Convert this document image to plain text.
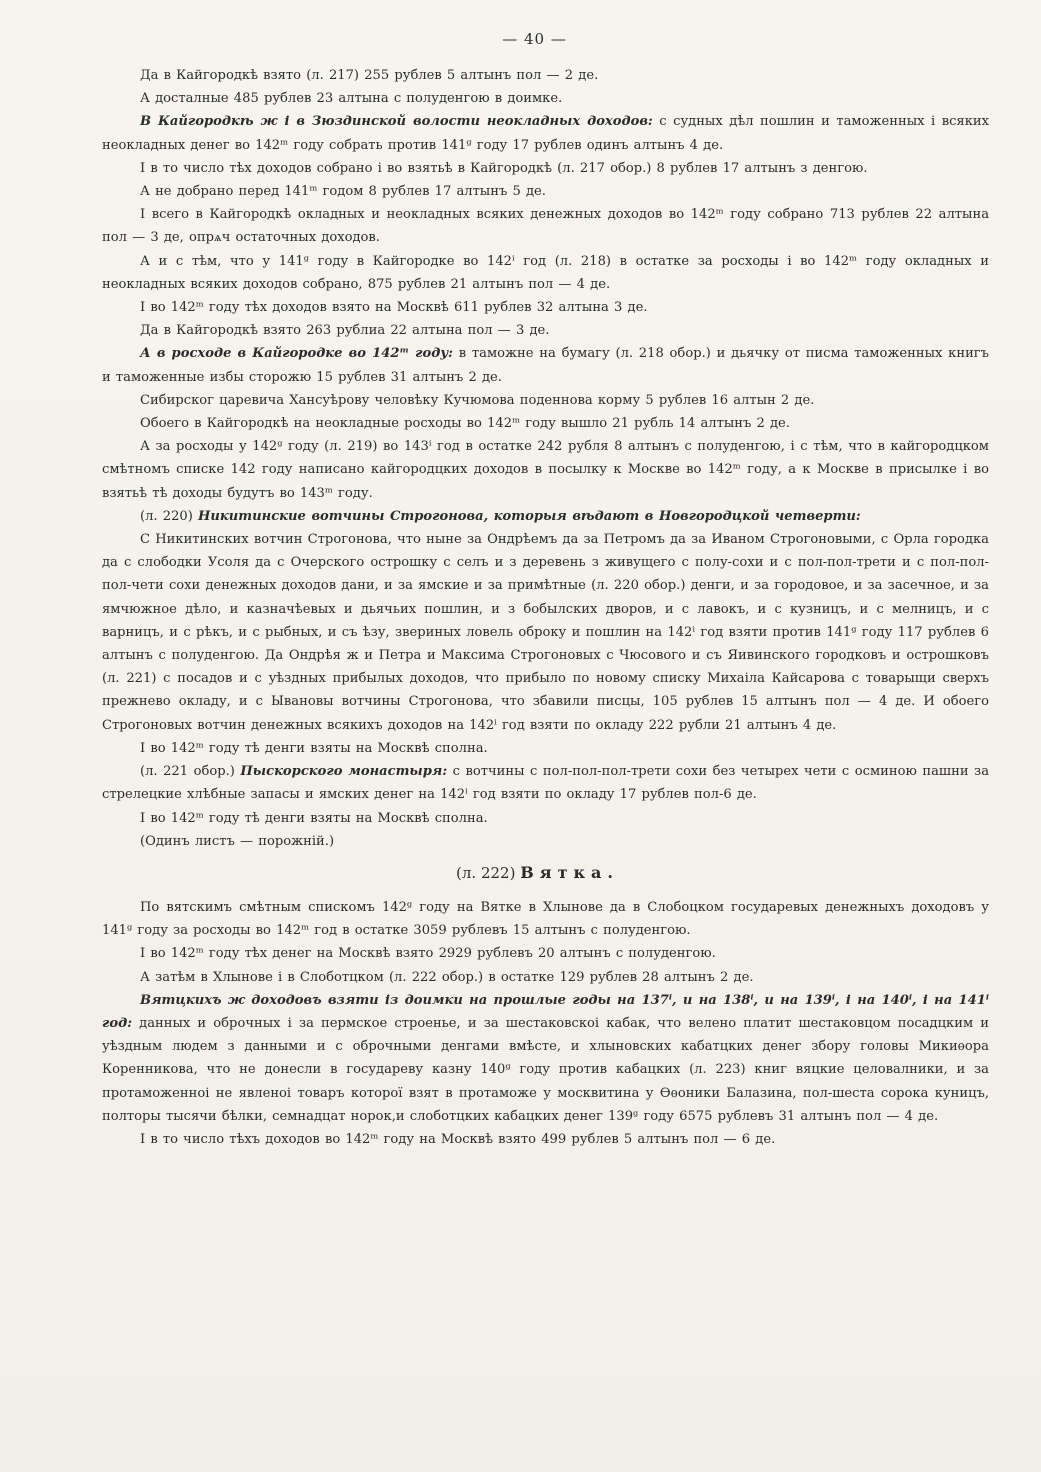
— 40 —

Да в Кайгородкѣ взято (л. 217) 255 рублев 5 алтынъ пол — 2 де.

А досталные 485 рублев 23 алтына с полуденгою в доимке.

В Кайгородкѣ ж і в Зюздинской волости неокладных доходов: с судных дѣл пошлин и таможенных і всяких неокладных денег во 142ᵐ году собрать против 141ᵍ году 17 рублев одинъ алтынъ 4 де.

І в то число тѣх доходов собрано і во взятьѣ в Кайгородкѣ (л. 217 обор.) 8 рублев 17 алтынъ з денгою.

А не добрано перед 141ᵐ годом 8 рублев 17 алтынъ 5 де.

І всего в Кайгородкѣ окладных и неокладных всяких денежных доходов во 142ᵐ году собрано 713 рублев 22 алтына пол — 3 де, опрѧч остаточных доходов.

А и с тѣм, что у 141ᵍ году в Кайгородке во 142ⁱ год (л. 218) в остатке за росходы і во 142ᵐ году окладных и неокладных всяких доходов собрано, 875 рублев 21 алтынъ пол — 4 де.

І во 142ᵐ году тѣх доходов взято на Москвѣ 611 рублев 32 алтына 3 де.

Да в Кайгородкѣ взято 263 рублиа 22 алтына пол — 3 де.

А в росходе в Кайгородке во 142ᵐ году: в таможне на бумагу (л. 218 обор.) и дьячку от писма таможенных книгъ и таможенные избы сторожю 15 рублев 31 алтынъ 2 де.

Сибирског царевича Хансуѣрову человѣку Кучюмова поденнова корму 5 рублев 16 алтын 2 де.

Обоего в Кайгородкѣ на неокладные росходы во 142ᵐ году вышло 21 рубль 14 алтынъ 2 де.

А за росходы у 142ᵍ году (л. 219) во 143ⁱ год в остатке 242 рубля 8 алтынъ с полуденгою, і с тѣм, что в кайгородцком смѣтномъ списке 142 году написано кайгородцких доходов в посылку к Москве во 142ᵐ году, а к Москве в присылке і во взятьѣ тѣ доходы будутъ во 143ᵐ году.

(л. 220) Никитинские вотчины Строгонова, которыя вѣдают в Новгородцкой четверти:

С Никитинских вотчин Строгонова, что ныне за Ондрѣемъ да за Петромъ да за Иваном Строгоновыми, с Орла городка да с слободки Усоля да с Очерского острошку с селъ и з деревень з живущего с полу-сохи и с пол-пол-трети и с пол-пол-пол-чети сохи денежных доходов дани, и за ямские и за примѣтные (л. 220 обор.) денги, и за городовое, и за засечное, и за ямчюжное дѣло, и казначѣевых и дьячьих пошлин, и з бобылских дворов, и с лавокъ, и с кузницъ, и с мелницъ, и с варницъ, и с рѣкъ, и с рыбных, и съ ѣзу, звериных ловель оброку и пошлин на 142ⁱ год взяти против 141ᵍ году 117 рублев 6 алтынъ с полуденгою. Да Ондрѣя ж и Петра и Максима Строгоновых с Чюсового и съ Яивинского городковъ и острошковъ (л. 221) с посадов и с уѣздных прибылых доходов, что прибыло по новому списку Михаіла Кайсарова с товарыщи сверхъ прежнево окладу, и с Ывановы вотчины Строгонова, что збавили писцы, 105 рублев 15 алтынъ пол — 4 де. И обоего Строгоновых вотчин денежных всякихъ доходов на 142ⁱ год взяти по окладу 222 рубли 21 алтынъ 4 де.

І во 142ᵐ году тѣ денги взяты на Москвѣ сполна.

(л. 221 обор.) Пыскорского монастыря: с вотчины с пол-пол-пол-трети сохи без четырех чети с осминою пашни за стрелецкие хлѣбные запасы и ямских денег на 142ⁱ год взяти по окладу 17 рублев пол-6 де.

І во 142ᵐ году тѣ денги взяты на Москвѣ сполна.

(Одинъ листъ — порожній.)

(л. 222) Вятка.

По вятскимъ смѣтным спискомъ 142ᵍ году на Вятке в Хлынове да в Слобоцком государевых денежныхъ доходовъ у 141ᵍ году за росходы во 142ᵐ год в остатке 3059 рублевъ 15 алтынъ с полуденгою.

І во 142ᵐ году тѣх денег на Москвѣ взято 2929 рублевъ 20 алтынъ с полуденгою.

А затѣм в Хлынове і в Слоботцком (л. 222 обор.) в остатке 129 рублев 28 алтынъ 2 де.

Вятцкихъ ж доходовъ взяти із доимки на прошлые годы на 137ⁱ, и на 138ⁱ, и на 139ⁱ, і на 140ⁱ, і на 141ⁱ год: данных и оброчных і за пермское строенье, и за шестаковскоі кабак, что велено платит шестаковцом посадцким и уѣздным людем з данными и с оброчными денгами вмѣсте, и хлыновских кабатцких денег збору головы Микиѳора Коренникова, что не донесли в государеву казну 140ᵍ году против кабацких (л. 223) книг вяцкие целовалники, и за протаможенноі не явленоі товаръ которої взят в протаможе у москвитина у Ѳѳоники Балазина, пол-шеста сорока куницъ, полторы тысячи бѣлки, семнадцат норок,и слоботцких кабацких денег 139ᵍ году 6575 рублевъ 31 алтынъ пол — 4 де.

І в то число тѣхъ доходов во 142ᵐ году на Москвѣ взято 499 рублев 5 алтынъ пол — 6 де.
